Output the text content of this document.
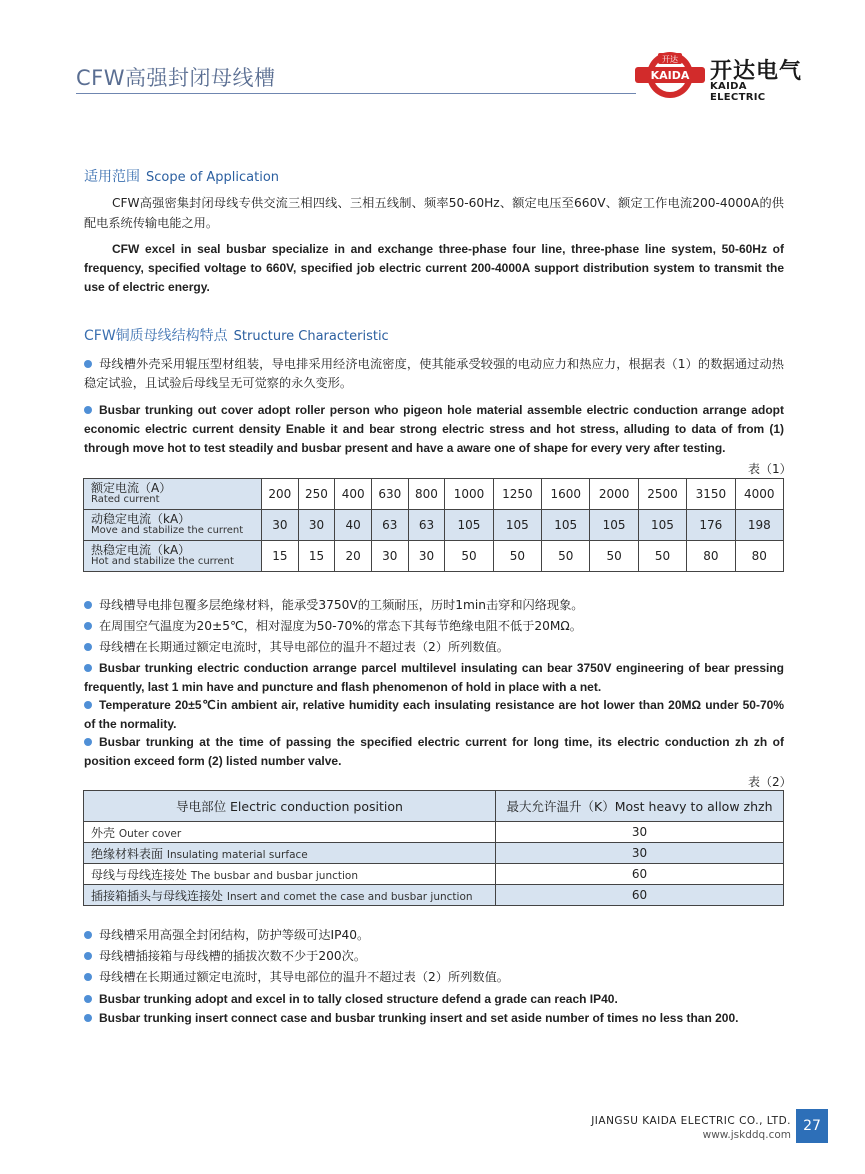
CFW高强封闭母线槽
开达
KAIDA 开达电气
KAIDA ELECTRIC
适用范围 Scope of Application
CFW高强密集封闭母线专供交流三相四线、三相五线制、频率50-60Hz、额定电压至660V、额定工作电流200-4000A的供配电系统传输电能之用。
CFW excel in seal busbar specialize in and exchange three-phase four line, three-phase line system, 50-60Hz of frequency, specified voltage to 660V, specified job electric current 200-4000A support distribution system to transmit the use of electric energy.
CFW铜质母线结构特点 Structure Characteristic
母线槽外壳采用辊压型材组装，导电排采用经济电流密度，使其能承受较强的电动应力和热应力，根据表（1）的数据通过动热稳定试验，且试验后母线呈无可觉察的永久变形。
Busbar trunking out cover adopt roller person who pigeon hole material assemble electric conduction arrange adopt economic electric current density Enable it and bear strong electric stress and hot stress, alluding to data of from (1) through move hot to test steadily and busbar present and have a aware one of shape for every very after testing.
表（1）
额定电流（A）
Rated current	200	250	400	630	800	1000	1250	1600	2000	2500	3150	4000

动稳定电流（kA）
Move and stabilize the current	30	30	40	63	63	105	105	105	105	105	176	198

热稳定电流（kA）
Hot and stabilize the current	15	15	20	30	30	50	50	50	50	50	80	80
母线槽导电排包覆多层绝缘材料，能承受3750V的工频耐压，历时1min击穿和闪络现象。
在周围空气温度为20±5℃，相对湿度为50-70%的常态下其每节绝缘电阻不低于20MΩ。
母线槽在长期通过额定电流时，其导电部位的温升不超过表（2）所列数值。
Busbar trunking electric conduction arrange parcel multilevel insulating can bear 3750V engineering of bear pressing frequently, last 1 min have and puncture and flash phenomenon of hold in place with a net.
Temperature 20±5℃in ambient air, relative humidity each insulating resistance are hot lower than 20MΩ under 50-70% of the normality.
Busbar trunking at the time of passing the specified electric current for long time, its electric conduction zh zh of position exceed form (2) listed number valve.
表（2）
导电部位 Electric conduction position	最大允许温升（K）Most heavy to allow zhzh
外壳 Outer cover	30
绝缘材料表面 Insulating material surface	30
母线与母线连接处 The busbar and busbar junction	60
插接箱插头与母线连接处 Insert and comet the case and busbar junction	60
母线槽采用高强全封闭结构，防护等级可达IP40。
母线槽插接箱与母线槽的插拔次数不少于200次。
母线槽在长期通过额定电流时，其导电部位的温升不超过表（2）所列数值。
Busbar trunking adopt and excel in to tally closed structure defend a grade can reach IP40.
Busbar trunking insert connect case and busbar trunking insert and set aside number of times no less than 200.
JIANGSU KAIDA ELECTRIC CO., LTD.
www.jskddq.com
27
